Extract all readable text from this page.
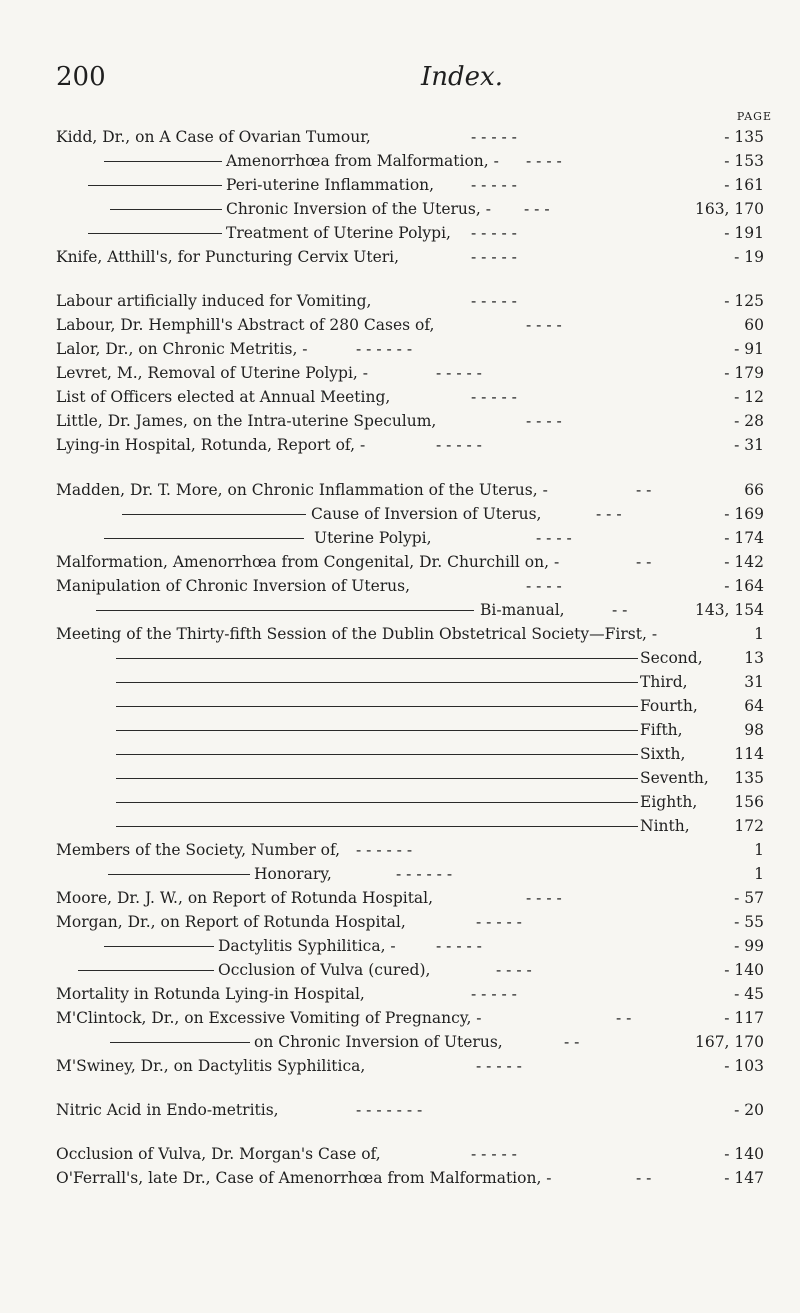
200	Index.
PAGE
Kidd, Dr., on A Case of Ovarian Tumour,	- - - - -	- 135
Amenorrhœa from Malformation, - - - - -	- 153
Peri-uterine Inflammation, - - - - -	- 161
Chronic Inversion of the Uterus, - - - -	163, 170
Treatment of Uterine Polypi, - - - - -	- 191
Knife, Atthill's, for Puncturing Cervix Uteri,	- - - - -	- 19
Labour artificially induced for Vomiting,	- - - - -	- 125
Labour, Dr. Hemphill's Abstract of 280 Cases of,	- - - -	60
Lalor, Dr., on Chronic Metritis, -	- - - - - -	- 91
Levret, M., Removal of Uterine Polypi, -	- - - - -	- 179
List of Officers elected at Annual Meeting,	- - - - -	- 12
Little, Dr. James, on the Intra-uterine Speculum,	- - - -	- 28
Lying-in Hospital, Rotunda, Report of, -	- - - - -	- 31
Madden, Dr. T. More, on Chronic Inflammation of the Uterus, -	- -	66
Cause of Inversion of Uterus,	- - -	- 169
Uterine Polypi,	- - - -	- 174
Malformation, Amenorrhœa from Congenital, Dr. Churchill on, -	- -	- 142
Manipulation of Chronic Inversion of Uterus,	- - - -	- 164
Bi-manual,	- -	143, 154
Meeting of the Thirty-fifth Session of the Dublin Obstetrical Society—First, -	1
Second,	13
Third,	31
Fourth,	64
Fifth,	98
Sixth,	114
Seventh, 135
Eighth, 156
Ninth,	172
Members of the Society, Number of, - - - - - -	1
Honorary,	- - - - - -	1
Moore, Dr. J. W., on Report of Rotunda Hospital,	- - - -	- 57
Morgan, Dr., on Report of Rotunda Hospital,	- - - - -	- 55
Dactylitis Syphilitica, -	- - - - -	- 99
Occlusion of Vulva (cured),	- - - -	- 140
Mortality in Rotunda Lying-in Hospital,	- - - - -	- 45
M'Clintock, Dr., on Excessive Vomiting of Pregnancy, -	- -	- 117
on Chronic Inversion of Uterus,	- -	167, 170
M'Swiney, Dr., on Dactylitis Syphilitica,	- - - - -	- 103
Nitric Acid in Endo-metritis,	- - - - - - -	- 20
Occlusion of Vulva, Dr. Morgan's Case of,	- - - - -	- 140
O'Ferrall's, late Dr., Case of Amenorrhœa from Malformation, -	- -	- 147
